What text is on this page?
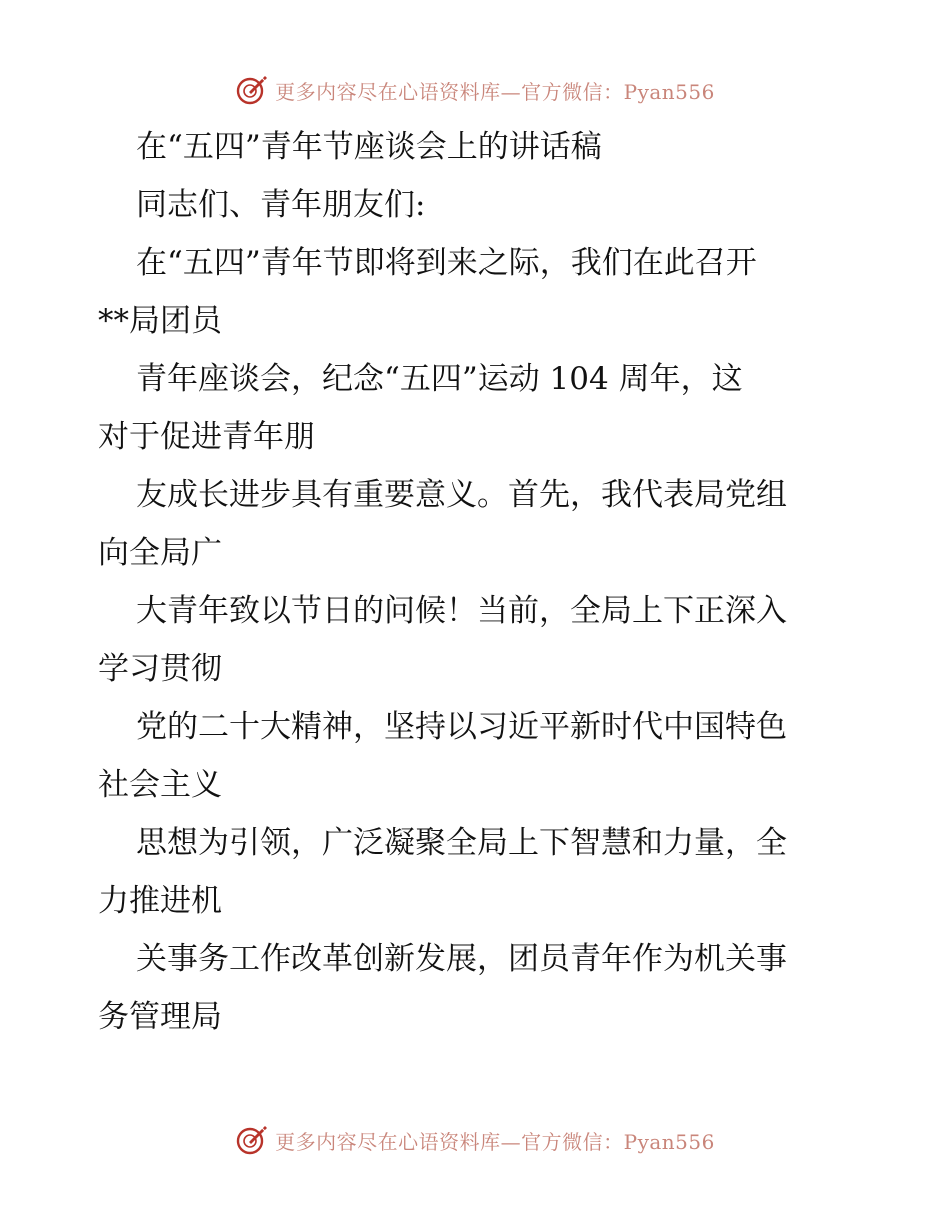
更多内容尽在心语资料库—官方微信：Pyan556
在“五四”青年节座谈会上的讲话稿
同志们、青年朋友们:
在“五四”青年节即将到来之际，我们在此召开
**局团员
青年座谈会，纪念“五四”运动 104 周年，这
对于促进青年朋
友成长进步具有重要意义。首先，我代表局党组
向全局广
大青年致以节日的问候！当前，全局上下正深入
学习贯彻
党的二十大精神，坚持以习近平新时代中国特色
社会主义
思想为引领，广泛凝聚全局上下智慧和力量，全
力推进机
关事务工作改革创新发展，团员青年作为机关事
务管理局
更多内容尽在心语资料库—官方微信：Pyan556
